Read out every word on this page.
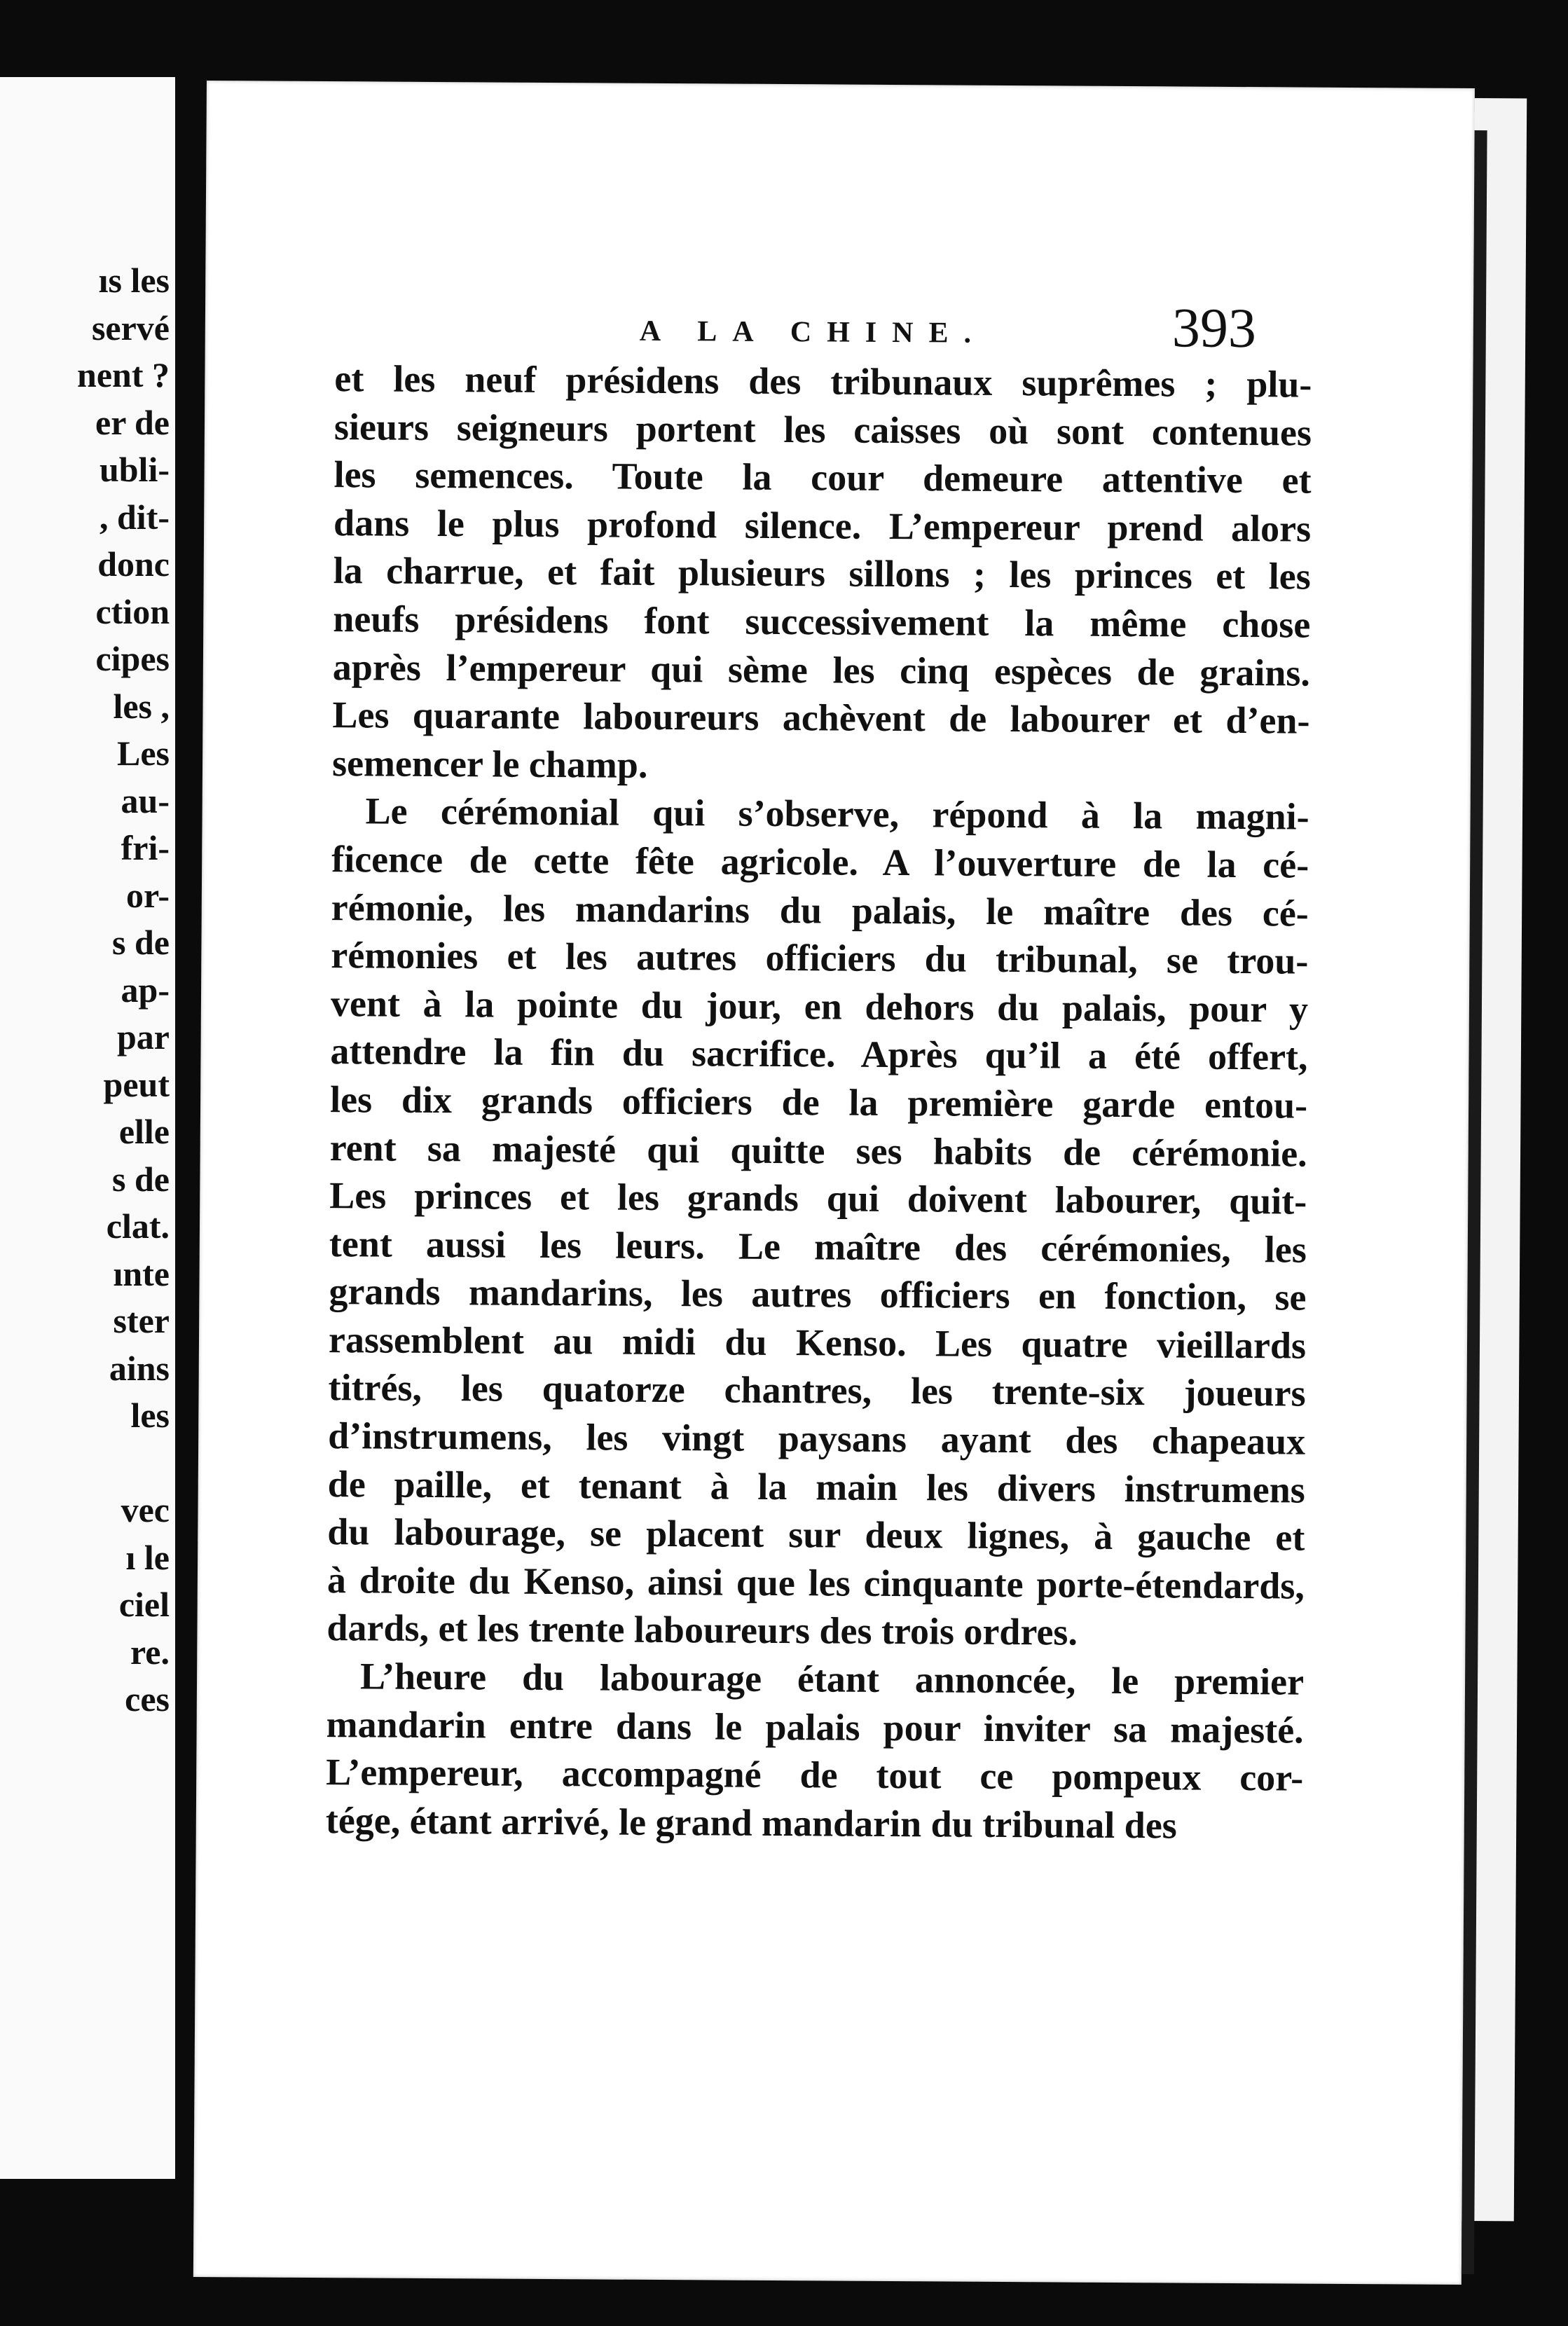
ıs les
servé
nent ?
er de
ubli-
, dit-
donc
ction
cipes
les ,
Les
au-
fri-
or-
s de
ap-
par
peut
elle
s de
clat.
ınte
ster
ains
les
vec
ı le
ciel
re.
ces
A LA CHINE.	393
et les neuf présidens des tribunaux suprêmes ; plu-
sieurs seigneurs portent les caisses où sont contenues
les semences. Toute la cour demeure attentive et
dans le plus profond silence. L’empereur prend alors
la charrue, et fait plusieurs sillons ; les princes et les
neufs présidens font successivement la même chose
après l’empereur qui sème les cinq espèces de grains.
Les quarante laboureurs achèvent de labourer et d’en-
semencer le champ.
Le cérémonial qui s’observe, répond à la magni-
ficence de cette fête agricole. A l’ouverture de la cé-
rémonie, les mandarins du palais, le maître des cé-
rémonies et les autres officiers du tribunal, se trou-
vent à la pointe du jour, en dehors du palais, pour y
attendre la fin du sacrifice. Après qu’il a été offert,
les dix grands officiers de la première garde entou-
rent sa majesté qui quitte ses habits de cérémonie.
Les princes et les grands qui doivent labourer, quit-
tent aussi les leurs. Le maître des cérémonies, les
grands mandarins, les autres officiers en fonction, se
rassemblent au midi du Kenso. Les quatre vieillards
titrés, les quatorze chantres, les trente-six joueurs
d’instrumens, les vingt paysans ayant des chapeaux
de paille, et tenant à la main les divers instrumens
du labourage, se placent sur deux lignes, à gauche et
à droite du Kenso, ainsi que les cinquante porte-étendards,
dards, et les trente laboureurs des trois ordres.
L’heure du labourage étant annoncée, le premier
mandarin entre dans le palais pour inviter sa majesté.
L’empereur, accompagné de tout ce pompeux cor-
tége, étant arrivé, le grand mandarin du tribunal des
